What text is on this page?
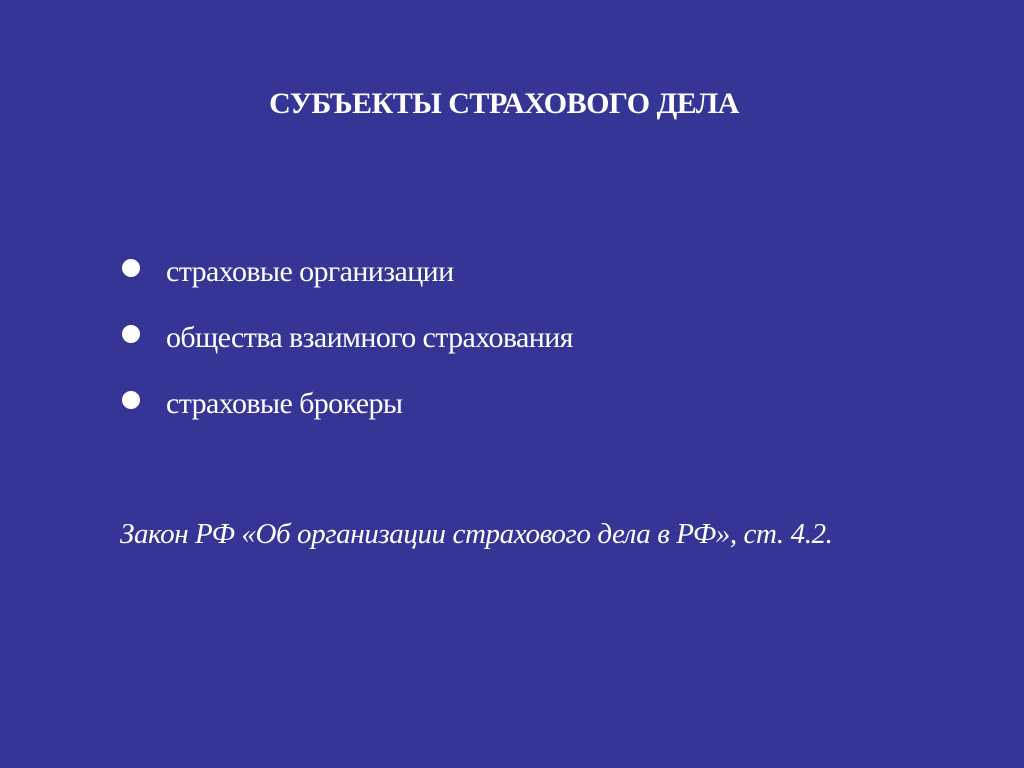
СУБЪЕКТЫ СТРАХОВОГО ДЕЛА
страховые организации
общества взаимного страхования
страховые брокеры
Закон РФ «Об организации страхового дела в РФ», ст. 4.2.
